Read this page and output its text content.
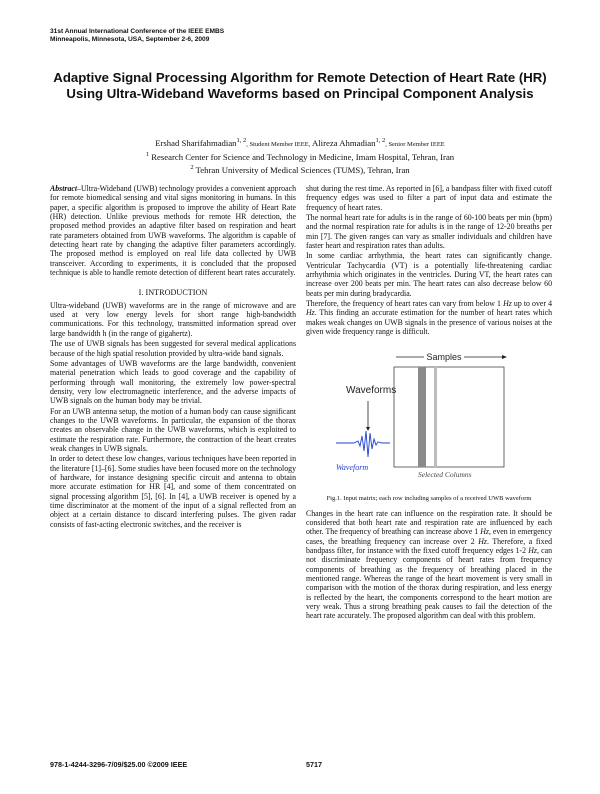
31st Annual International Conference of the IEEE EMBS
Minneapolis, Minnesota, USA, September 2-6, 2009
Adaptive Signal Processing Algorithm for Remote Detection of Heart Rate (HR) Using Ultra-Wideband Waveforms based on Principal Component Analysis
Ershad Sharifahmadian$^{1, 2}$, Student Member IEEE, Alireza Ahmadian$^{1, 2}$, Senior Member IEEE
$^1$ Research Center for Science and Technology in Medicine, Imam Hospital, Tehran, Iran
$^2$ Tehran University of Medical Sciences (TUMS), Tehran, Iran

Abstract–Ultra-Wideband (UWB) technology provides a convenient approach for remote biomedical sensing and vital signs monitoring in humans. In this paper, a specific algorithm is proposed to improve the ability of Heart Rate (HR) detection. Unlike previous methods for remote HR detection, the proposed method provides an adaptive filter based on respiration and heart rate parameters obtained from UWB waveforms. The algorithm is capable of detecting heart rate by changing the adaptive filter parameters accordingly. The proposed method is employed on real life data collected by UWB transceiver. According to experiments, it is concluded that the proposed technique is able to handle remote detection of different heart rates accurately.

I. INTRODUCTION

Ultra-wideband (UWB) waveforms are in the range of microwave and are used at very low energy levels for short range high-bandwidth communications. For this technology, transmitted information spread over large bandwidth h (in the range of gigahertz).

The use of UWB signals has been suggested for several medical applications because of the high spatial resolution provided by ultra-wide band signals.

Some advantages of UWB waveforms are the large bandwidth, convenient material penetration which leads to good coverage and the capability of performing through wall monitoring, the extremely low power-spectral density, very low electromagnetic interference, and the adverse impacts of UWB signals on the human body may be trivial.

For an UWB antenna setup, the motion of a human body can cause significant changes to the UWB waveforms. In particular, the expansion of the thorax creates an observable change in the UWB waveforms, which is exploited to estimate the respiration rate. Furthermore, the contraction of the heart creates weak changes in UWB signals.

In order to detect these low changes, various techniques have been reported in the literature [1]–[6]. Some studies have been focused more on the technology of hardware, for instance designing specific circuit and antenna to obtain more accurate estimation for HR [4], and some of them concentrated on signal processing algorithm [5], [6]. In [4], a UWB receiver is opened by a time discriminator at the moment of the input of a signal reflected from an object at a certain distance to discard interfering pulses. The given radar consists of fast-acting electronic switches, and the receiver is

shut during the rest time. As reported in [6], a bandpass filter with fixed cutoff frequency edges was used to filter a part of input data and estimate the frequency of heart rates.

The normal heart rate for adults is in the range of 60-100 beats per min (bpm) and the normal respiration rate for adults is in the range of 12-20 breaths per min [7]. The given ranges can vary as smaller individuals and children have faster heart and respiration rates than adults.

In some cardiac arrhythmia, the heart rates can significantly change. Ventricular Tachycardia (VT) is a potentially life-threatening cardiac arrhythmia which originates in the ventricles. During VT, the heart rates can increase over 200 beats per min. The heart rates can also decrease below 60 beats per min during bradycardia.

Therefore, the frequency of heart rates can vary from below 1 Hz up to over 4 Hz. This finding an accurate estimation for the number of heart rates which makes weak changes on UWB signals in the presence of various noises at the given wide frequency range is difficult.

Samples
Waveforms
Waveform
Selected Columns
Fig.1. Input matrix; each row including samples of a received UWB waveform

Changes in the heart rate can influence on the respiration rate. It should be considered that both heart rate and respiration rate are influenced by each other. The frequency of breathing can increase above 1 Hz, even in emergency cases, the breathing frequency can increase over 2 Hz. Therefore, a fixed bandpass filter, for instance with the fixed cutoff frequency edges 1-2 Hz, can not discriminate frequency components of heart rates from frequency components of breathing as the frequency of breathing placed in the mentioned range. Whereas the range of the heart movement is very small in comparison with the motion of the thorax during respiration, and less energy is reflected by the heart, the components correspond to the heart motion are very weak. Thus a strong breathing peak causes to fail the detection of the heart rate accurately. The proposed algorithm can deal with this problem.

978-1-4244-3296-7/09/$25.00 ©2009 IEEE	5717
